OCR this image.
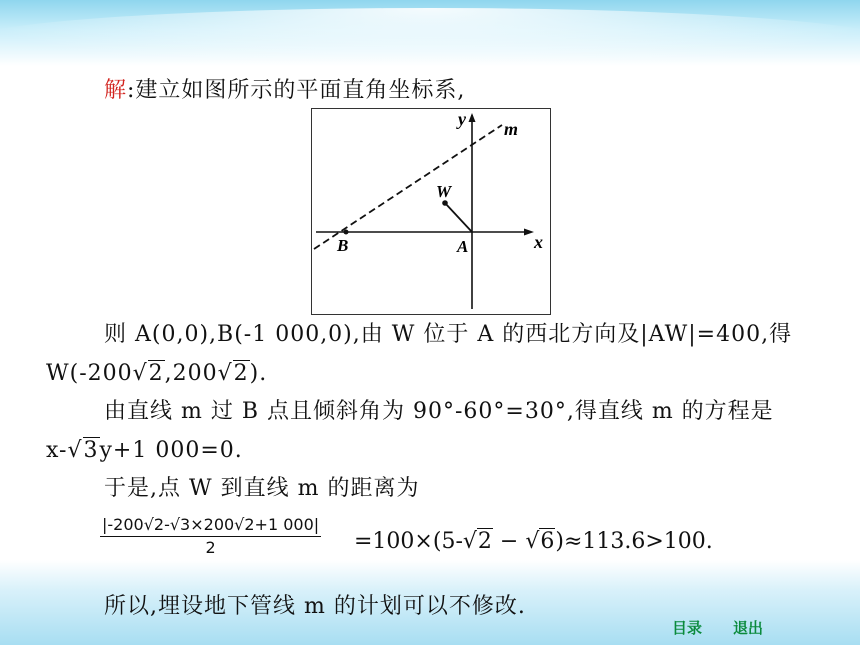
解:建立如图所示的平面直角坐标系,
y m
W
B	A	x
则 A(0,0),B(-1 000,0),由 W 位于 A 的西北方向及|AW|=400,得
W(-200√2,200√2).
由直线 m 过 B 点且倾斜角为 90°-60°=30°,得直线 m 的方程是
x-√3y+1 000=0.
于是,点 W 到直线 m 的距离为
$\frac{|-200√2-√3\times 200√2+1 000|}{2} =100\times(5-√2 - √6)\approx 113.6>100$.
所以,埋设地下管线 m 的计划可以不修改.
目录 退出
